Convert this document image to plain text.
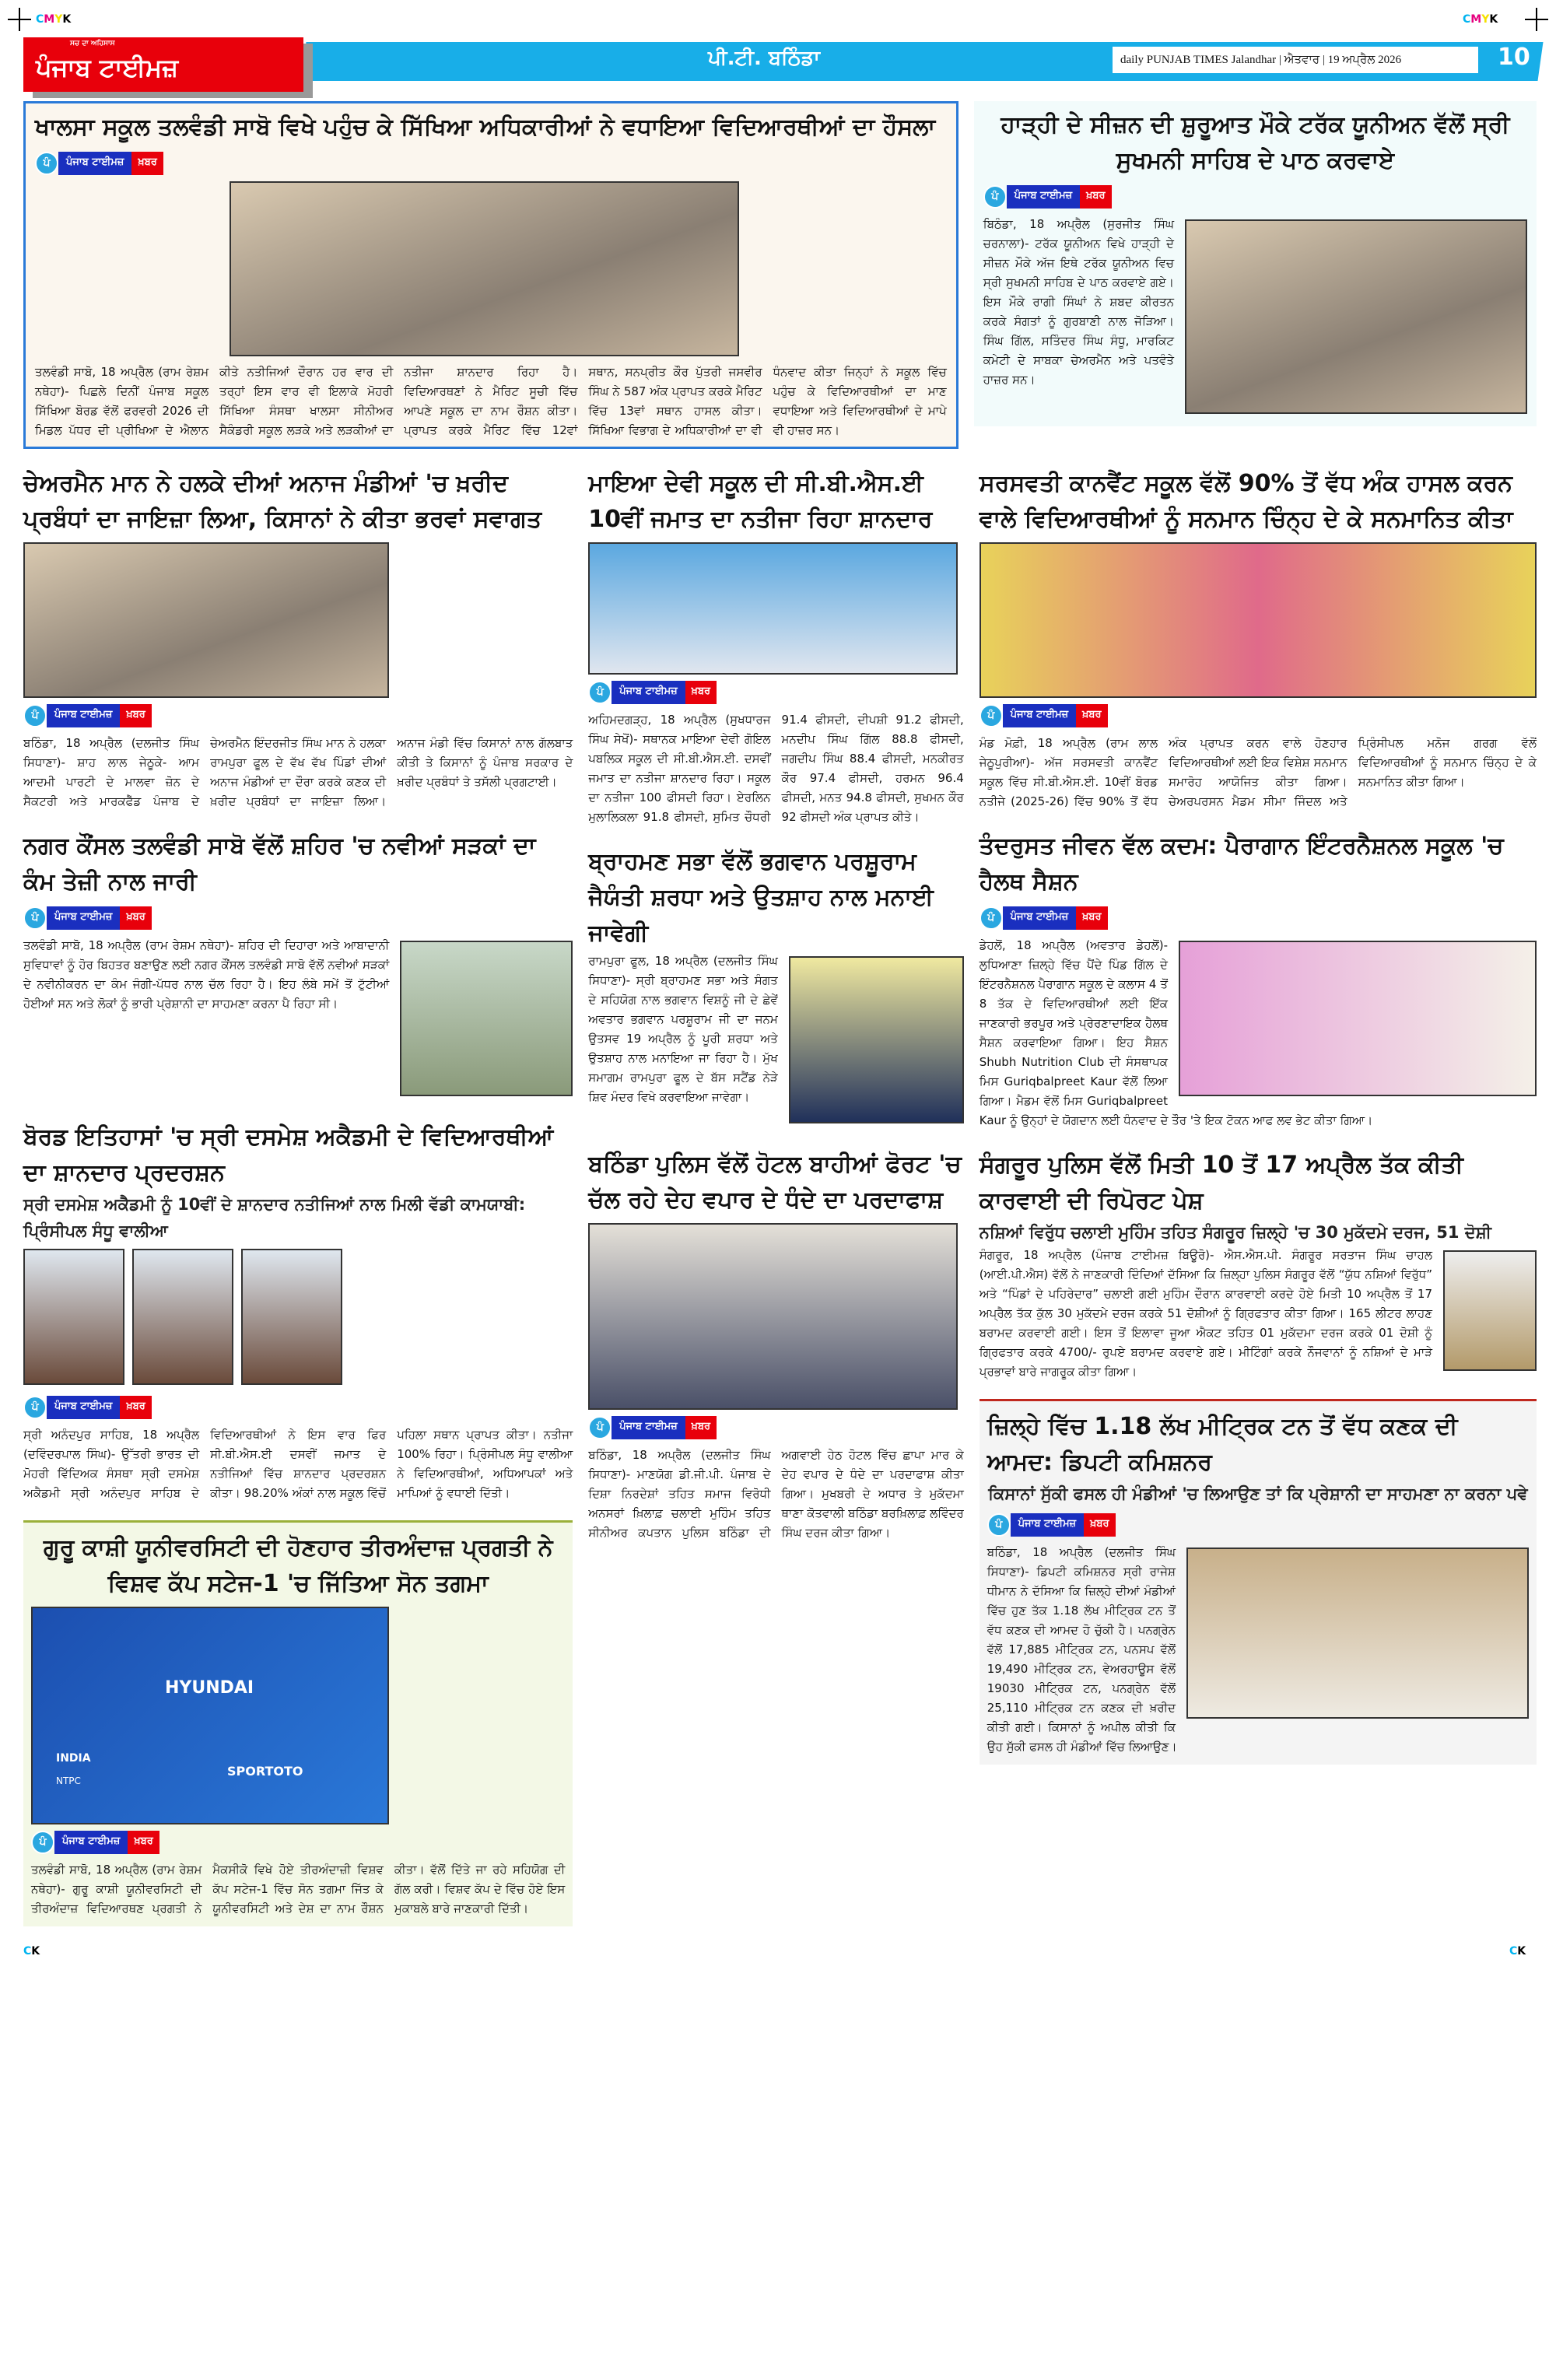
CMYK	CMYK
ਸਚ ਦਾ ਅਹਿਸਾਸ
ਪੰਜਾਬ ਟਾਈਮਜ਼	ਪੀ.ਟੀ. ਬਠਿੰਡਾ	daily PUNJAB TIMES Jalandhar | ਐਤਵਾਰ | 19 ਅਪ੍ਰੈਲ 2026	10
ਖਾਲਸਾ ਸਕੂਲ ਤਲਵੰਡੀ ਸਾਬੋ ਵਿਖੇ ਪਹੁੰਚ ਕੇ ਸਿੱਖਿਆ ਅਧਿਕਾਰੀਆਂ ਨੇ ਵਧਾਇਆ ਵਿਦਿਆਰਥੀਆਂ ਦਾ ਹੌਸਲਾ
ਪੰ	ਪੰਜਾਬ ਟਾਈਮਜ਼	ਖ਼ਬਰ
ਤਲਵੰਡੀ ਸਾਬੋ, 18 ਅਪ੍ਰੈਲ (ਰਾਮ ਰੇਸ਼ਮ ਨਥੇਹਾ)- ਪਿਛਲੇ ਦਿਨੀਂ ਪੰਜਾਬ ਸਕੂਲ ਸਿੱਖਿਆ ਬੋਰਡ ਵੱਲੋਂ ਫਰਵਰੀ 2026 ਦੀ ਮਿਡਲ ਪੱਧਰ ਦੀ ਪ੍ਰੀਖਿਆ ਦੇ ਐਲਾਨ ਕੀਤੇ ਨਤੀਜਿਆਂ ਦੌਰਾਨ ਹਰ ਵਾਰ ਦੀ ਤਰ੍ਹਾਂ ਇਸ ਵਾਰ ਵੀ ਇਲਾਕੇ ਮੋਹਰੀ ਸਿੱਖਿਆ ਸੰਸਥਾ ਖਾਲਸਾ ਸੀਨੀਅਰ ਸੈਕੰਡਰੀ ਸਕੂਲ ਲੜਕੇ ਅਤੇ ਲੜਕੀਆਂ ਦਾ ਨਤੀਜਾ ਸ਼ਾਨਦਾਰ ਰਿਹਾ ਹੈ। ਵਿਦਿਆਰਥਣਾਂ ਨੇ ਮੈਰਿਟ ਸੂਚੀ ਵਿੱਚ ਆਪਣੇ ਸਕੂਲ ਦਾ ਨਾਮ ਰੌਸ਼ਨ ਕੀਤਾ। ਪ੍ਰਾਪਤ ਕਰਕੇ ਮੈਰਿਟ ਵਿੱਚ 12ਵਾਂ ਸਥਾਨ, ਸਨਪ੍ਰੀਤ ਕੌਰ ਪੁੱਤਰੀ ਜਸਵੀਰ ਸਿੰਘ ਨੇ 587 ਅੰਕ ਪ੍ਰਾਪਤ ਕਰਕੇ ਮੈਰਿਟ ਵਿੱਚ 13ਵਾਂ ਸਥਾਨ ਹਾਸਲ ਕੀਤਾ। ਸਿੱਖਿਆ ਵਿਭਾਗ ਦੇ ਅਧਿਕਾਰੀਆਂ ਦਾ ਵੀ ਧੰਨਵਾਦ ਕੀਤਾ ਜਿਨ੍ਹਾਂ ਨੇ ਸਕੂਲ ਵਿੱਚ ਪਹੁੰਚ ਕੇ ਵਿਦਿਆਰਥੀਆਂ ਦਾ ਮਾਣ ਵਧਾਇਆ ਅਤੇ ਵਿਦਿਆਰਥੀਆਂ ਦੇ ਮਾਪੇ ਵੀ ਹਾਜ਼ਰ ਸਨ।
ਹਾੜ੍ਹੀ ਦੇ ਸੀਜ਼ਨ ਦੀ ਸ਼ੁਰੂਆਤ ਮੌਕੇ ਟਰੱਕ ਯੂਨੀਅਨ ਵੱਲੋਂ ਸ੍ਰੀ ਸੁਖਮਨੀ ਸਾਹਿਬ ਦੇ ਪਾਠ ਕਰਵਾਏ
ਪੰ	ਪੰਜਾਬ ਟਾਈਮਜ਼	ਖ਼ਬਰ
ਬਿਠੰਡਾ, 18 ਅਪ੍ਰੈਲ (ਸੁਰਜੀਤ ਸਿੰਘ ਚਰਨਾਲਾ)- ਟਰੱਕ ਯੂਨੀਅਨ ਵਿਖੇ ਹਾੜ੍ਹੀ ਦੇ ਸੀਜ਼ਨ ਮੌਕੇ ਅੱਜ ਇਥੇ ਟਰੱਕ ਯੂਨੀਅਨ ਵਿਚ ਸ੍ਰੀ ਸੁਖਮਨੀ ਸਾਹਿਬ ਦੇ ਪਾਠ ਕਰਵਾਏ ਗਏ। ਇਸ ਮੌਕੇ ਰਾਗੀ ਸਿੰਘਾਂ ਨੇ ਸ਼ਬਦ ਕੀਰਤਨ ਕਰਕੇ ਸੰਗਤਾਂ ਨੂੰ ਗੁਰਬਾਣੀ ਨਾਲ ਜੋੜਿਆ। ਸਿੰਘ ਗਿੱਲ, ਸਤਿੰਦਰ ਸਿੰਘ ਸੰਧੂ, ਮਾਰਕਿਟ ਕਮੇਟੀ ਦੇ ਸਾਬਕਾ ਚੇਅਰਮੈਨ ਅਤੇ ਪਤਵੰਤੇ ਹਾਜ਼ਰ ਸਨ।
ਚੇਅਰਮੈਨ ਮਾਨ ਨੇ ਹਲਕੇ ਦੀਆਂ ਅਨਾਜ ਮੰਡੀਆਂ 'ਚ ਖ਼ਰੀਦ ਪ੍ਰਬੰਧਾਂ ਦਾ ਜਾਇਜ਼ਾ ਲਿਆ, ਕਿਸਾਨਾਂ ਨੇ ਕੀਤਾ ਭਰਵਾਂ ਸਵਾਗਤ
ਪੰ	ਪੰਜਾਬ ਟਾਈਮਜ਼	ਖ਼ਬਰ
ਬਠਿੰਡਾ, 18 ਅਪ੍ਰੈਲ (ਦਲਜੀਤ ਸਿੰਘ ਸਿਧਾਣਾ)- ਸ਼ਾਹ ਲਾਲ ਜੇਠੂਕੇ- ਆਮ ਆਦਮੀ ਪਾਰਟੀ ਦੇ ਮਾਲਵਾ ਜ਼ੋਨ ਦੇ ਸੈਕਟਰੀ ਅਤੇ ਮਾਰਕਫੈੱਡ ਪੰਜਾਬ ਦੇ ਚੇਅਰਮੈਨ ਇੰਦਰਜੀਤ ਸਿੰਘ ਮਾਨ ਨੇ ਹਲਕਾ ਰਾਮਪੁਰਾ ਫੂਲ ਦੇ ਵੱਖ ਵੱਖ ਪਿੰਡਾਂ ਦੀਆਂ ਅਨਾਜ ਮੰਡੀਆਂ ਦਾ ਦੌਰਾ ਕਰਕੇ ਕਣਕ ਦੀ ਖ਼ਰੀਦ ਪ੍ਰਬੰਧਾਂ ਦਾ ਜਾਇਜ਼ਾ ਲਿਆ। ਅਨਾਜ ਮੰਡੀ ਵਿੱਚ ਕਿਸਾਨਾਂ ਨਾਲ ਗੱਲਬਾਤ ਕੀਤੀ ਤੇ ਕਿਸਾਨਾਂ ਨੂੰ ਪੰਜਾਬ ਸਰਕਾਰ ਦੇ ਖ਼ਰੀਦ ਪ੍ਰਬੰਧਾਂ ਤੇ ਤਸੱਲੀ ਪ੍ਰਗਟਾਈ।
ਨਗਰ ਕੌਂਸਲ ਤਲਵੰਡੀ ਸਾਬੋ ਵੱਲੋਂ ਸ਼ਹਿਰ 'ਚ ਨਵੀਆਂ ਸੜਕਾਂ ਦਾ ਕੰਮ ਤੇਜ਼ੀ ਨਾਲ ਜਾਰੀ
ਪੰ	ਪੰਜਾਬ ਟਾਈਮਜ਼	ਖ਼ਬਰ
ਤਲਵੰਡੀ ਸਾਬੋ, 18 ਅਪ੍ਰੈਲ (ਰਾਮ ਰੇਸ਼ਮ ਨਥੇਹਾ)- ਸ਼ਹਿਰ ਦੀ ਦਿਹਾਰਾ ਅਤੇ ਆਬਾਦਾਨੀ ਸੁਵਿਧਾਵਾਂ ਨੂੰ ਹੋਰ ਬਿਹਤਰ ਬਣਾਉਣ ਲਈ ਨਗਰ ਕੌਂਸਲ ਤਲਵੰਡੀ ਸਾਬੋ ਵੱਲੋਂ ਨਵੀਆਂ ਸੜਕਾਂ ਦੇ ਨਵੀਨੀਕਰਨ ਦਾ ਕੰਮ ਜੰਗੀ-ਪੱਧਰ ਨਾਲ ਚੱਲ ਰਿਹਾ ਹੈ। ਇਹ ਲੰਬੇ ਸਮੇਂ ਤੋਂ ਟੁੱਟੀਆਂ ਹੋਈਆਂ ਸਨ ਅਤੇ ਲੋਕਾਂ ਨੂੰ ਭਾਰੀ ਪ੍ਰੇਸ਼ਾਨੀ ਦਾ ਸਾਹਮਣਾ ਕਰਨਾ ਪੈ ਰਿਹਾ ਸੀ।
ਬੋਰਡ ਇਤਿਹਾਸਾਂ 'ਚ ਸ੍ਰੀ ਦਸਮੇਸ਼ ਅਕੈਡਮੀ ਦੇ ਵਿਦਿਆਰਥੀਆਂ ਦਾ ਸ਼ਾਨਦਾਰ ਪ੍ਰਦਰਸ਼ਨ
ਸ੍ਰੀ ਦਸਮੇਸ਼ ਅਕੈਡਮੀ ਨੂੰ 10ਵੀਂ ਦੇ ਸ਼ਾਨਦਾਰ ਨਤੀਜਿਆਂ ਨਾਲ ਮਿਲੀ ਵੱਡੀ ਕਾਮਯਾਬੀ: ਪ੍ਰਿੰਸੀਪਲ ਸੰਧੂ ਵਾਲੀਆ
ਪੰ	ਪੰਜਾਬ ਟਾਈਮਜ਼	ਖ਼ਬਰ
ਸ੍ਰੀ ਅਨੰਦਪੁਰ ਸਾਹਿਬ, 18 ਅਪ੍ਰੈਲ (ਦਵਿੰਦਰਪਾਲ ਸਿੰਘ)- ਉੱਤਰੀ ਭਾਰਤ ਦੀ ਮੋਹਰੀ ਵਿੱਦਿਅਕ ਸੰਸਥਾ ਸ੍ਰੀ ਦਸਮੇਸ਼ ਅਕੈਡਮੀ ਸ੍ਰੀ ਅਨੰਦਪੁਰ ਸਾਹਿਬ ਦੇ ਵਿਦਿਆਰਥੀਆਂ ਨੇ ਇਸ ਵਾਰ ਫਿਰ ਸੀ.ਬੀ.ਐਸ.ਈ ਦਸਵੀਂ ਜਮਾਤ ਦੇ ਨਤੀਜਿਆਂ ਵਿੱਚ ਸ਼ਾਨਦਾਰ ਪ੍ਰਦਰਸ਼ਨ ਕੀਤਾ। 98.20% ਅੰਕਾਂ ਨਾਲ ਸਕੂਲ ਵਿੱਚੋਂ ਪਹਿਲਾ ਸਥਾਨ ਪ੍ਰਾਪਤ ਕੀਤਾ। ਨਤੀਜਾ 100% ਰਿਹਾ। ਪ੍ਰਿੰਸੀਪਲ ਸੰਧੂ ਵਾਲੀਆ ਨੇ ਵਿਦਿਆਰਥੀਆਂ, ਅਧਿਆਪਕਾਂ ਅਤੇ ਮਾਪਿਆਂ ਨੂੰ ਵਧਾਈ ਦਿੱਤੀ।
ਗੁਰੂ ਕਾਸ਼ੀ ਯੂਨੀਵਰਸਿਟੀ ਦੀ ਹੋਣਹਾਰ ਤੀਰਅੰਦਾਜ਼ ਪ੍ਰਗਤੀ ਨੇ ਵਿਸ਼ਵ ਕੱਪ ਸਟੇਜ-1 'ਚ ਜਿੱਤਿਆ ਸੋਨ ਤਗਮਾ
HYUNDAI
SPORTOTO
INDIA
NTPC
ਪੰ	ਪੰਜਾਬ ਟਾਈਮਜ਼	ਖ਼ਬਰ
ਤਲਵੰਡੀ ਸਾਬੋ, 18 ਅਪ੍ਰੈਲ (ਰਾਮ ਰੇਸ਼ਮ ਨਥੇਹਾ)- ਗੁਰੂ ਕਾਸ਼ੀ ਯੂਨੀਵਰਸਿਟੀ ਦੀ ਤੀਰਅੰਦਾਜ਼ ਵਿਦਿਆਰਥਣ ਪ੍ਰਗਤੀ ਨੇ ਮੈਕਸੀਕੋ ਵਿਖੇ ਹੋਏ ਤੀਰਅੰਦਾਜ਼ੀ ਵਿਸ਼ਵ ਕੱਪ ਸਟੇਜ-1 ਵਿੱਚ ਸੋਨ ਤਗਮਾ ਜਿੱਤ ਕੇ ਯੂਨੀਵਰਸਿਟੀ ਅਤੇ ਦੇਸ਼ ਦਾ ਨਾਮ ਰੌਸ਼ਨ ਕੀਤਾ। ਵੱਲੋਂ ਦਿੱਤੇ ਜਾ ਰਹੇ ਸਹਿਯੋਗ ਦੀ ਗੱਲ ਕਰੀ। ਵਿਸ਼ਵ ਕੱਪ ਦੇ ਵਿੱਚ ਹੋਏ ਇਸ ਮੁਕਾਬਲੇ ਬਾਰੇ ਜਾਣਕਾਰੀ ਦਿੱਤੀ।
ਮਾਇਆ ਦੇਵੀ ਸਕੂਲ ਦੀ ਸੀ.ਬੀ.ਐਸ.ਈ 10ਵੀਂ ਜਮਾਤ ਦਾ ਨਤੀਜਾ ਰਿਹਾ ਸ਼ਾਨਦਾਰ
ਪੰ	ਪੰਜਾਬ ਟਾਈਮਜ਼	ਖ਼ਬਰ
ਅਹਿਮਦਗੜ੍ਹ, 18 ਅਪ੍ਰੈਲ (ਸੁਖਧਾਰਜ ਸਿੰਘ ਸੇਖੋਂ)- ਸਥਾਨਕ ਮਾਇਆ ਦੇਵੀ ਗੋਇਲ ਪਬਲਿਕ ਸਕੂਲ ਦੀ ਸੀ.ਬੀ.ਐਸ.ਈ. ਦਸਵੀਂ ਜਮਾਤ ਦਾ ਨਤੀਜਾ ਸ਼ਾਨਦਾਰ ਰਿਹਾ। ਸਕੂਲ ਦਾ ਨਤੀਜਾ 100 ਫੀਸਦੀ ਰਿਹਾ। ਏਰਲਿਨ ਮੁਲਾਲਿਕਲਾ 91.8 ਫੀਸਦੀ, ਸੁਮਿਤ ਚੌਧਰੀ 91.4 ਫੀਸਦੀ, ਦੀਪਸ਼ੀ 91.2 ਫੀਸਦੀ, ਮਨਦੀਪ ਸਿੰਘ ਗਿੱਲ 88.8 ਫੀਸਦੀ, ਜਗਦੀਪ ਸਿੰਘ 88.4 ਫੀਸਦੀ, ਮਨਕੀਰਤ ਕੌਰ 97.4 ਫੀਸਦੀ, ਹਰਮਨ 96.4 ਫੀਸਦੀ, ਮਨਤ 94.8 ਫੀਸਦੀ, ਸੁਖਮਨ ਕੌਰ 92 ਫੀਸਦੀ ਅੰਕ ਪ੍ਰਾਪਤ ਕੀਤੇ।
ਬ੍ਰਾਹਮਣ ਸਭਾ ਵੱਲੋਂ ਭਗਵਾਨ ਪਰਸ਼ੂਰਾਮ ਜੈਯੰਤੀ ਸ਼ਰਧਾ ਅਤੇ ਉਤਸ਼ਾਹ ਨਾਲ ਮਨਾਈ ਜਾਵੇਗੀ
ਰਾਮਪੁਰਾ ਫੂਲ, 18 ਅਪ੍ਰੈਲ (ਦਲਜੀਤ ਸਿੰਘ ਸਿਧਾਣਾ)- ਸ੍ਰੀ ਬ੍ਰਾਹਮਣ ਸਭਾ ਅਤੇ ਸੰਗਤ ਦੇ ਸਹਿਯੋਗ ਨਾਲ ਭਗਵਾਨ ਵਿਸ਼ਨੂੰ ਜੀ ਦੇ ਛੇਵੇਂ ਅਵਤਾਰ ਭਗਵਾਨ ਪਰਸ਼ੂਰਾਮ ਜੀ ਦਾ ਜਨਮ ਉਤਸਵ 19 ਅਪ੍ਰੈਲ ਨੂੰ ਪੂਰੀ ਸ਼ਰਧਾ ਅਤੇ ਉਤਸ਼ਾਹ ਨਾਲ ਮਨਾਇਆ ਜਾ ਰਿਹਾ ਹੈ। ਮੁੱਖ ਸਮਾਗਮ ਰਾਮਪੁਰਾ ਫੂਲ ਦੇ ਬੱਸ ਸਟੈਂਡ ਨੇੜੇ ਸ਼ਿਵ ਮੰਦਰ ਵਿਖੇ ਕਰਵਾਇਆ ਜਾਵੇਗਾ।
ਬਠਿੰਡਾ ਪੁਲਿਸ ਵੱਲੋਂ ਹੋਟਲ ਬਾਹੀਆਂ ਫੋਰਟ 'ਚ ਚੱਲ ਰਹੇ ਦੇਹ ਵਪਾਰ ਦੇ ਧੰਦੇ ਦਾ ਪਰਦਾਫਾਸ਼
ਪੰ	ਪੰਜਾਬ ਟਾਈਮਜ਼	ਖ਼ਬਰ
ਬਠਿੰਡਾ, 18 ਅਪ੍ਰੈਲ (ਦਲਜੀਤ ਸਿੰਘ ਸਿਧਾਣਾ)- ਮਾਣਯੋਗ ਡੀ.ਜੀ.ਪੀ. ਪੰਜਾਬ ਦੇ ਦਿਸ਼ਾ ਨਿਰਦੇਸ਼ਾਂ ਤਹਿਤ ਸਮਾਜ ਵਿਰੋਧੀ ਅਨਸਰਾਂ ਖ਼ਿਲਾਫ਼ ਚਲਾਈ ਮੁਹਿੰਮ ਤਹਿਤ ਸੀਨੀਅਰ ਕਪਤਾਨ ਪੁਲਿਸ ਬਠਿੰਡਾ ਦੀ ਅਗਵਾਈ ਹੇਠ ਹੋਟਲ ਵਿੱਚ ਛਾਪਾ ਮਾਰ ਕੇ ਦੇਹ ਵਪਾਰ ਦੇ ਧੰਦੇ ਦਾ ਪਰਦਾਫਾਸ਼ ਕੀਤਾ ਗਿਆ। ਮੁਖਬਰੀ ਦੇ ਅਧਾਰ ਤੇ ਮੁਕੱਦਮਾ ਥਾਣਾ ਕੋਤਵਾਲੀ ਬਠਿੰਡਾ ਬਰਖ਼ਿਲਾਫ਼ ਲਵਿੰਦਰ ਸਿੰਘ ਦਰਜ ਕੀਤਾ ਗਿਆ।
ਸਰਸਵਤੀ ਕਾਨਵੈਂਟ ਸਕੂਲ ਵੱਲੋਂ 90% ਤੋਂ ਵੱਧ ਅੰਕ ਹਾਸਲ ਕਰਨ ਵਾਲੇ ਵਿਦਿਆਰਥੀਆਂ ਨੂੰ ਸਨਮਾਨ ਚਿੰਨ੍ਹ ਦੇ ਕੇ ਸਨਮਾਨਿਤ ਕੀਤਾ
ਪੰ	ਪੰਜਾਬ ਟਾਈਮਜ਼	ਖ਼ਬਰ
ਮੰਡ ਮੋਫ਼ੀ, 18 ਅਪ੍ਰੈਲ (ਰਾਮ ਲਾਲ ਜੇਠੂਪੁਰੀਆ)- ਅੱਜ ਸਰਸਵਤੀ ਕਾਨਵੈਂਟ ਸਕੂਲ ਵਿੱਚ ਸੀ.ਬੀ.ਐਸ.ਈ. 10ਵੀਂ ਬੋਰਡ ਨਤੀਜੇ (2025-26) ਵਿੱਚ 90% ਤੋਂ ਵੱਧ ਅੰਕ ਪ੍ਰਾਪਤ ਕਰਨ ਵਾਲੇ ਹੋਣਹਾਰ ਵਿਦਿਆਰਥੀਆਂ ਲਈ ਇਕ ਵਿਸ਼ੇਸ਼ ਸਨਮਾਨ ਸਮਾਰੋਹ ਆਯੋਜਿਤ ਕੀਤਾ ਗਿਆ। ਚੇਅਰਪਰਸਨ ਮੈਡਮ ਸੀਮਾ ਜਿੰਦਲ ਅਤੇ ਪ੍ਰਿੰਸੀਪਲ ਮਨੋਜ ਗਰਗ ਵੱਲੋਂ ਵਿਦਿਆਰਥੀਆਂ ਨੂੰ ਸਨਮਾਨ ਚਿੰਨ੍ਹ ਦੇ ਕੇ ਸਨਮਾਨਿਤ ਕੀਤਾ ਗਿਆ।
ਤੰਦਰੁਸਤ ਜੀਵਨ ਵੱਲ ਕਦਮ: ਪੈਰਾਗਾਨ ਇੰਟਰਨੈਸ਼ਨਲ ਸਕੂਲ 'ਚ ਹੈਲਥ ਸੈਸ਼ਨ
ਪੰ	ਪੰਜਾਬ ਟਾਈਮਜ਼	ਖ਼ਬਰ
ਡੇਹਲੋਂ, 18 ਅਪ੍ਰੈਲ (ਅਵਤਾਰ ਡੇਹਲੋਂ)- ਲੁਧਿਆਣਾ ਜ਼ਿਲ੍ਹੇ ਵਿੱਚ ਪੈਂਦੇ ਪਿੰਡ ਗਿੱਲ ਦੇ ਇੰਟਰਨੈਸ਼ਨਲ ਪੈਰਾਗਾਨ ਸਕੂਲ ਦੇ ਕਲਾਸ 4 ਤੋਂ 8 ਤੱਕ ਦੇ ਵਿਦਿਆਰਥੀਆਂ ਲਈ ਇੱਕ ਜਾਣਕਾਰੀ ਭਰਪੂਰ ਅਤੇ ਪ੍ਰੇਰਣਾਦਾਇਕ ਹੈਲਥ ਸੈਸ਼ਨ ਕਰਵਾਇਆ ਗਿਆ। ਇਹ ਸੈਸ਼ਨ Shubh Nutrition Club ਦੀ ਸੰਸਥਾਪਕ ਮਿਸ Guriqbalpreet Kaur ਵੱਲੋਂ ਲਿਆ ਗਿਆ। ਮੈਡਮ ਵੱਲੋਂ ਮਿਸ Guriqbalpreet Kaur ਨੂੰ ਉਨ੍ਹਾਂ ਦੇ ਯੋਗਦਾਨ ਲਈ ਧੰਨਵਾਦ ਦੇ ਤੌਰ 'ਤੇ ਇਕ ਟੋਕਨ ਆਫ ਲਵ ਭੇਟ ਕੀਤਾ ਗਿਆ।
ਸੰਗਰੂਰ ਪੁਲਿਸ ਵੱਲੋਂ ਮਿਤੀ 10 ਤੋਂ 17 ਅਪ੍ਰੈਲ ਤੱਕ ਕੀਤੀ ਕਾਰਵਾਈ ਦੀ ਰਿਪੋਰਟ ਪੇਸ਼
ਨਸ਼ਿਆਂ ਵਿਰੁੱਧ ਚਲਾਈ ਮੁਹਿੰਮ ਤਹਿਤ ਸੰਗਰੂਰ ਜ਼ਿਲ੍ਹੇ 'ਚ 30 ਮੁਕੱਦਮੇ ਦਰਜ, 51 ਦੋਸ਼ੀ
ਸੰਗਰੂਰ, 18 ਅਪ੍ਰੈਲ (ਪੰਜਾਬ ਟਾਈਮਜ਼ ਬਿਊਰੋ)- ਐਸ.ਐਸ.ਪੀ. ਸੰਗਰੂਰ ਸਰਤਾਜ ਸਿੰਘ ਚਾਹਲ (ਆਈ.ਪੀ.ਐਸ) ਵੱਲੋਂ ਨੇ ਜਾਣਕਾਰੀ ਦਿੰਦਿਆਂ ਦੱਸਿਆ ਕਿ ਜ਼ਿਲ੍ਹਾ ਪੁਲਿਸ ਸੰਗਰੂਰ ਵੱਲੋਂ “ਯੁੱਧ ਨਸ਼ਿਆਂ ਵਿਰੁੱਧ” ਅਤੇ “ਪਿੰਡਾਂ ਦੇ ਪਹਿਰੇਦਾਰ” ਚਲਾਈ ਗਈ ਮੁਹਿੰਮ ਦੌਰਾਨ ਕਾਰਵਾਈ ਕਰਦੇ ਹੋਏ ਮਿਤੀ 10 ਅਪ੍ਰੈਲ ਤੋਂ 17 ਅਪ੍ਰੈਲ ਤੱਕ ਕੁੱਲ 30 ਮੁਕੱਦਮੇ ਦਰਜ ਕਰਕੇ 51 ਦੋਸ਼ੀਆਂ ਨੂੰ ਗ੍ਰਿਫਤਾਰ ਕੀਤਾ ਗਿਆ। 165 ਲੀਟਰ ਲਾਹਣ ਬਰਾਮਦ ਕਰਵਾਈ ਗਈ। ਇਸ ਤੋਂ ਇਲਾਵਾ ਜੂਆ ਐਕਟ ਤਹਿਤ 01 ਮੁਕੱਦਮਾ ਦਰਜ ਕਰਕੇ 01 ਦੋਸ਼ੀ ਨੂੰ ਗ੍ਰਿਫਤਾਰ ਕਰਕੇ 4700/- ਰੁਪਏ ਬਰਾਮਦ ਕਰਵਾਏ ਗਏ। ਮੀਟਿੰਗਾਂ ਕਰਕੇ ਨੌਜਵਾਨਾਂ ਨੂੰ ਨਸ਼ਿਆਂ ਦੇ ਮਾੜੇ ਪ੍ਰਭਾਵਾਂ ਬਾਰੇ ਜਾਗਰੂਕ ਕੀਤਾ ਗਿਆ।
ਜ਼ਿਲ੍ਹੇ ਵਿੱਚ 1.18 ਲੱਖ ਮੀਟ੍ਰਿਕ ਟਨ ਤੋਂ ਵੱਧ ਕਣਕ ਦੀ ਆਮਦ: ਡਿਪਟੀ ਕਮਿਸ਼ਨਰ
ਕਿਸਾਨਾਂ ਸੁੱਕੀ ਫਸਲ ਹੀ ਮੰਡੀਆਂ 'ਚ ਲਿਆਉਣ ਤਾਂ ਕਿ ਪ੍ਰੇਸ਼ਾਨੀ ਦਾ ਸਾਹਮਣਾ ਨਾ ਕਰਨਾ ਪਵੇ
ਪੰ	ਪੰਜਾਬ ਟਾਈਮਜ਼	ਖ਼ਬਰ
ਬਠਿੰਡਾ, 18 ਅਪ੍ਰੈਲ (ਦਲਜੀਤ ਸਿੰਘ ਸਿਧਾਣਾ)- ਡਿਪਟੀ ਕਮਿਸ਼ਨਰ ਸ੍ਰੀ ਰਾਜੇਸ਼ ਧੀਮਾਨ ਨੇ ਦੱਸਿਆ ਕਿ ਜ਼ਿਲ੍ਹੇ ਦੀਆਂ ਮੰਡੀਆਂ ਵਿੱਚ ਹੁਣ ਤੱਕ 1.18 ਲੱਖ ਮੀਟ੍ਰਿਕ ਟਨ ਤੋਂ ਵੱਧ ਕਣਕ ਦੀ ਆਮਦ ਹੋ ਚੁੱਕੀ ਹੈ। ਪਨਗ੍ਰੇਨ ਵੱਲੋਂ 17,885 ਮੀਟ੍ਰਿਕ ਟਨ, ਪਨਸਪ ਵੱਲੋਂ 19,490 ਮੀਟ੍ਰਿਕ ਟਨ, ਵੇਅਰਹਾਊਸ ਵੱਲੋਂ 19030 ਮੀਟ੍ਰਿਕ ਟਨ, ਪਨਗ੍ਰੇਨ ਵੱਲੋਂ 25,110 ਮੀਟ੍ਰਿਕ ਟਨ ਕਣਕ ਦੀ ਖ਼ਰੀਦ ਕੀਤੀ ਗਈ। ਕਿਸਾਨਾਂ ਨੂੰ ਅਪੀਲ ਕੀਤੀ ਕਿ ਉਹ ਸੁੱਕੀ ਫਸਲ ਹੀ ਮੰਡੀਆਂ ਵਿੱਚ ਲਿਆਉਣ।
CK	CK
